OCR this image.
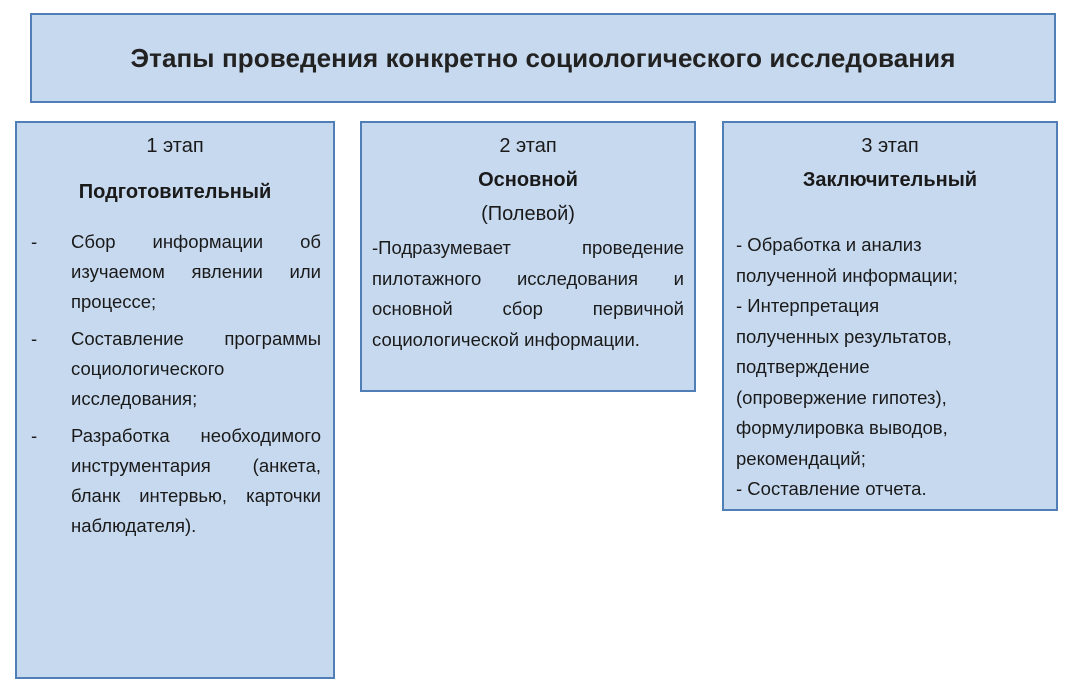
Этапы проведения конкретно социологического исследования
1 этап
Подготовительный
- Сбор информации об изучаемом явлении или процессе;
- Составление программы социологического исследования;
- Разработка необходимого инструментария (анкета, бланк интервью, карточки наблюдателя).
2 этап
Основной
(Полевой)
-Подразумевает проведение пилотажного исследования и основной сбор первичной социологической информации.
3 этап
Заключительный
- Обработка и анализ
полученной информации;
- Интерпретация
полученных результатов,
подтверждение
(опровержение гипотез),
формулировка выводов,
рекомендаций;
- Составление отчета.
